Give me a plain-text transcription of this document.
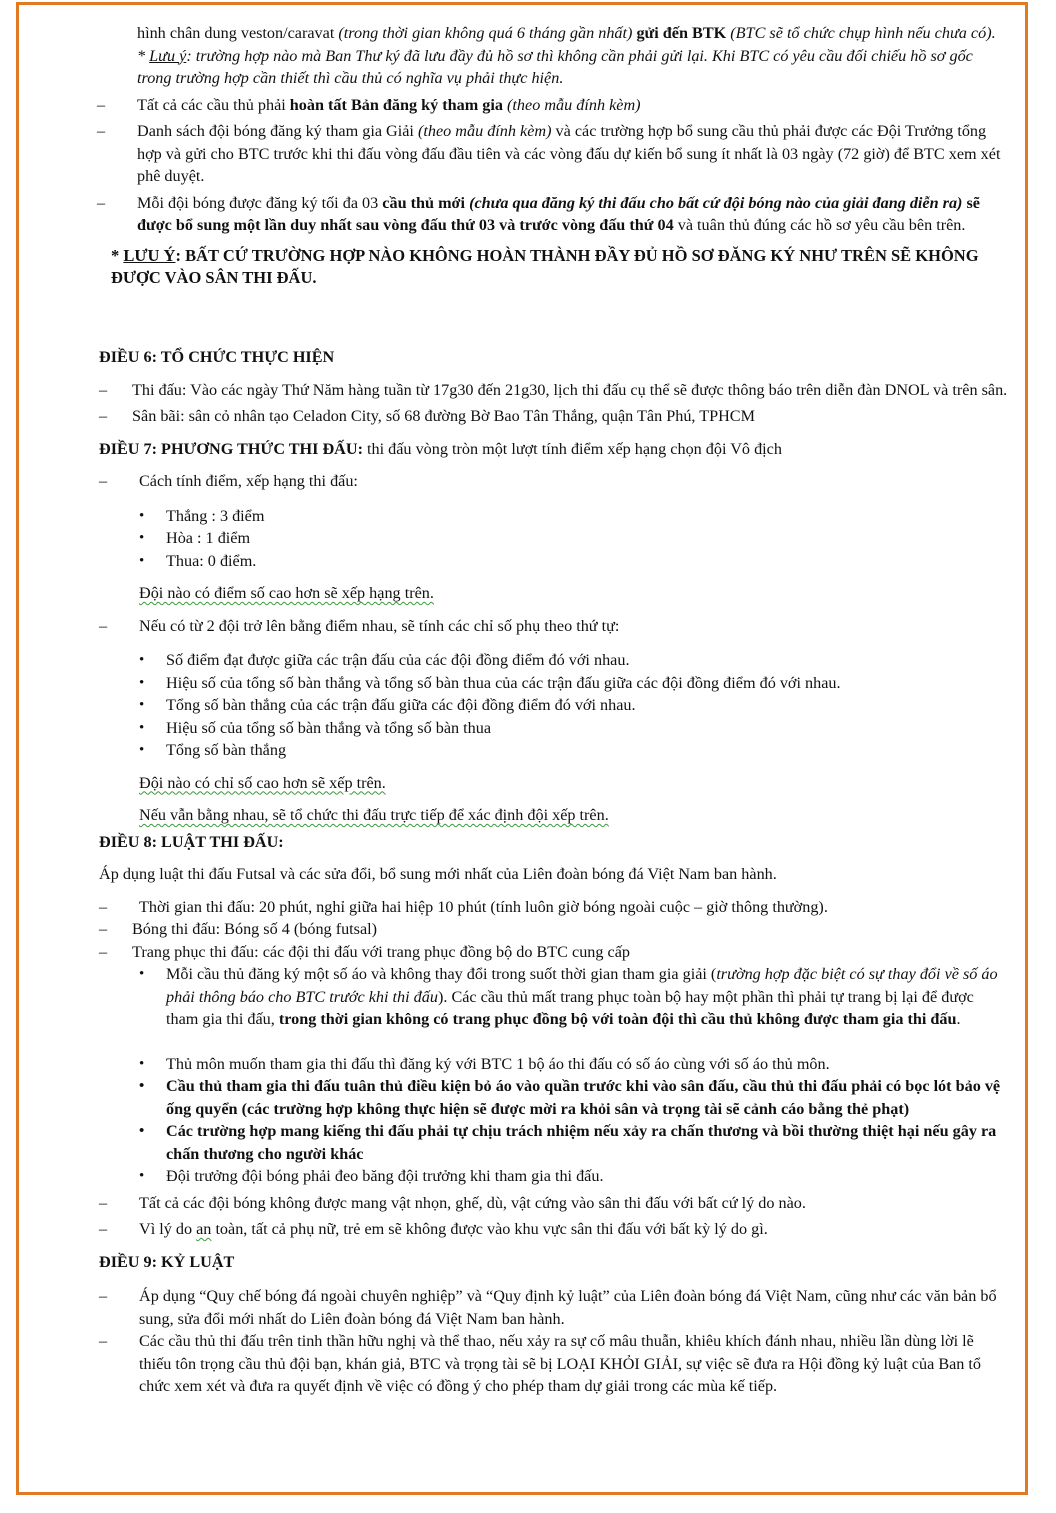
hình chân dung veston/caravat (trong thời gian không quá 6 tháng gần nhất) gửi đến BTK (BTC sẽ tổ chức chụp hình nếu chưa có).

* Lưu ý: trường hợp nào mà Ban Thư ký đã lưu đầy đủ hồ sơ thì không cần phải gửi lại. Khi BTC có yêu cầu đối chiếu hồ sơ gốc trong trường hợp cần thiết thì cầu thủ có nghĩa vụ phải thực hiện.

– Tất cả các cầu thủ phải hoàn tất Bản đăng ký tham gia (theo mẫu đính kèm)

– Danh sách đội bóng đăng ký tham gia Giải (theo mẫu đính kèm) và các trường hợp bổ sung cầu thủ phải được các Đội Trưởng tổng hợp và gửi cho BTC trước khi thi đấu vòng đấu đầu tiên và các vòng đấu dự kiến bổ sung ít nhất là 03 ngày (72 giờ) để BTC xem xét phê duyệt.

– Mỗi đội bóng được đăng ký tối đa 03 cầu thủ mới (chưa qua đăng ký thi đấu cho bất cứ đội bóng nào của giải đang diễn ra) sẽ được bổ sung một lần duy nhất sau vòng đấu thứ 03 và trước vòng đấu thứ 04 và tuân thủ đúng các hồ sơ yêu cầu bên trên.

* LƯU Ý: BẤT CỨ TRƯỜNG HỢP NÀO KHÔNG HOÀN THÀNH ĐẦY ĐỦ HỒ SƠ ĐĂNG KÝ NHƯ TRÊN SẼ KHÔNG ĐƯỢC VÀO SÂN THI ĐẤU.

ĐIỀU 6: TỔ CHỨC THỰC HIỆN

– Thi đấu: Vào các ngày Thứ Năm hàng tuần từ 17g30 đến 21g30, lịch thi đấu cụ thể sẽ được thông báo trên diễn đàn DNOL và trên sân.

– Sân bãi: sân cỏ nhân tạo Celadon City, số 68 đường Bờ Bao Tân Thắng, quận Tân Phú, TPHCM

ĐIỀU 7: PHƯƠNG THỨC THI ĐẤU: thi đấu vòng tròn một lượt tính điểm xếp hạng chọn đội Vô địch

– Cách tính điểm, xếp hạng thi đấu:

• Thắng : 3 điểm
• Hòa : 1 điểm
• Thua: 0 điểm.

Đội nào có điểm số cao hơn sẽ xếp hạng trên.

– Nếu có từ 2 đội trở lên bằng điểm nhau, sẽ tính các chỉ số phụ theo thứ tự:

• Số điểm đạt được giữa các trận đấu của các đội đồng điểm đó với nhau.
• Hiệu số của tổng số bàn thắng và tổng số bàn thua của các trận đấu giữa các đội đồng điểm đó với nhau.
• Tổng số bàn thắng của các trận đấu giữa các đội đồng điểm đó với nhau.
• Hiệu số của tổng số bàn thắng và tổng số bàn thua
• Tổng số bàn thắng

Đội nào có chỉ số cao hơn sẽ xếp trên.

Nếu vẫn bằng nhau, sẽ tổ chức thi đấu trực tiếp để xác định đội xếp trên.

ĐIỀU 8: LUẬT THI ĐẤU:

Áp dụng luật thi đấu Futsal và các sửa đổi, bổ sung mới nhất của Liên đoàn bóng đá Việt Nam ban hành.

– Thời gian thi đấu: 20 phút, nghỉ giữa hai hiệp 10 phút (tính luôn giờ bóng ngoài cuộc – giờ thông thường).

– Bóng thi đấu: Bóng số 4 (bóng futsal)

– Trang phục thi đấu: các đội thi đấu với trang phục đồng bộ do BTC cung cấp

• Mỗi cầu thủ đăng ký một số áo và không thay đổi trong suốt thời gian tham gia giải (trường hợp đặc biệt có sự thay đổi về số áo phải thông báo cho BTC trước khi thi đấu). Các cầu thủ mất trang phục toàn bộ hay một phần thì phải tự trang bị lại để được tham gia thi đấu, trong thời gian không có trang phục đồng bộ với toàn đội thì cầu thủ không được tham gia thi đấu.
• Thủ môn muốn tham gia thi đấu thì đăng ký với BTC 1 bộ áo thi đấu có số áo cùng với số áo thủ môn.
• Cầu thủ tham gia thi đấu tuân thủ điều kiện bỏ áo vào quần trước khi vào sân đấu, cầu thủ thi đấu phải có bọc lót bảo vệ ống quyển (các trường hợp không thực hiện sẽ được mời ra khỏi sân và trọng tài sẽ cảnh cáo bằng thẻ phạt)
• Các trường hợp mang kiếng thi đấu phải tự chịu trách nhiệm nếu xảy ra chấn thương và bồi thường thiệt hại nếu gây ra chấn thương cho người khác
• Đội trưởng đội bóng phải đeo băng đội trưởng khi tham gia thi đấu.

– Tất cả các đội bóng không được mang vật nhọn, ghế, dù, vật cứng vào sân thi đấu với bất cứ lý do nào.

– Vì lý do an toàn, tất cả phụ nữ, trẻ em sẽ không được vào khu vực sân thi đấu với bất kỳ lý do gì.

ĐIỀU 9: KỶ LUẬT

– Áp dụng “Quy chế bóng đá ngoài chuyên nghiệp” và “Quy định kỷ luật” của Liên đoàn bóng đá Việt Nam, cũng như các văn bản bổ sung, sửa đổi mới nhất do Liên đoàn bóng đá Việt Nam ban hành.

– Các cầu thủ thi đấu trên tinh thần hữu nghị và thể thao, nếu xảy ra sự cố mâu thuẫn, khiêu khích đánh nhau, nhiều lần dùng lời lẽ thiếu tôn trọng cầu thủ đội bạn, khán giả, BTC và trọng tài sẽ bị LOẠI KHỎI GIẢI, sự việc sẽ đưa ra Hội đồng kỷ luật của Ban tổ chức xem xét và đưa ra quyết định về việc có đồng ý cho phép tham dự giải trong các mùa kế tiếp.
